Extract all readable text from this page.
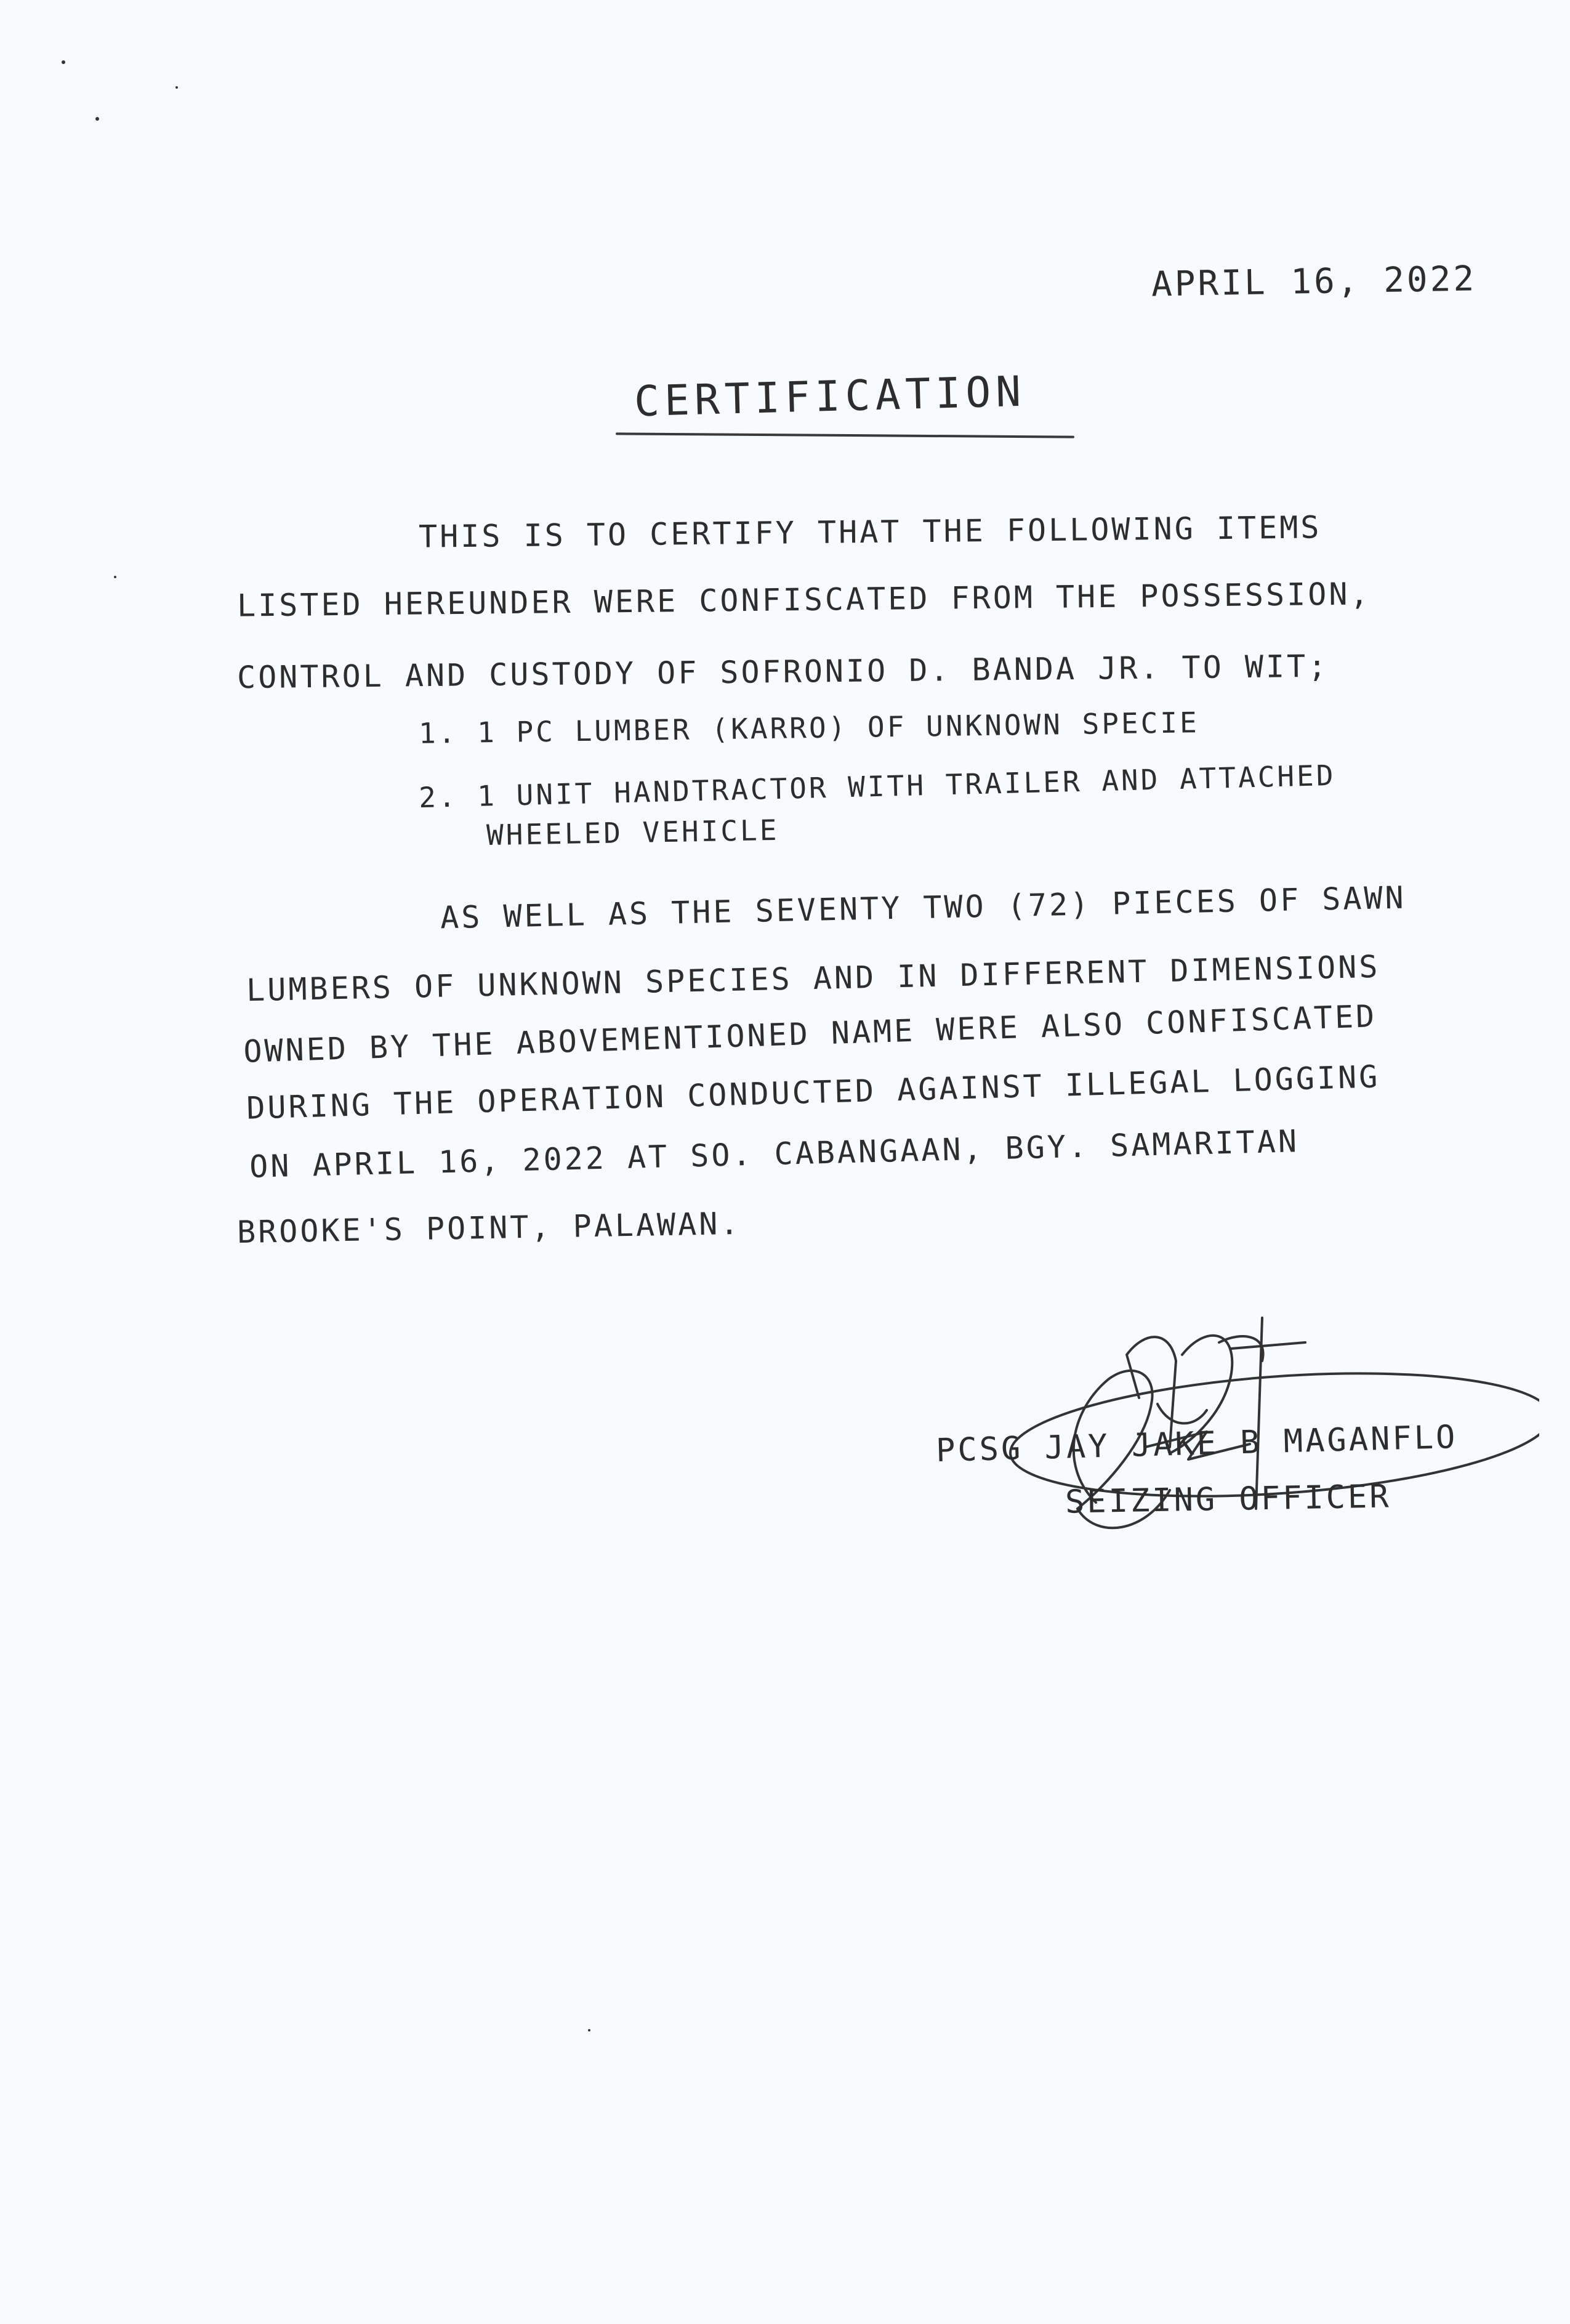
APRIL 16, 2022
CERTIFICATION
THIS IS TO CERTIFY THAT THE FOLLOWING ITEMS
LISTED HEREUNDER WERE CONFISCATED FROM THE POSSESSION,
CONTROL AND CUSTODY OF SOFRONIO D. BANDA JR. TO WIT;
1. 1 PC LUMBER (KARRO) OF UNKNOWN SPECIE
2. 1 UNIT HANDTRACTOR WITH TRAILER AND ATTACHED
WHEELED VEHICLE
AS WELL AS THE SEVENTY TWO (72) PIECES OF SAWN
LUMBERS OF UNKNOWN SPECIES AND IN DIFFERENT DIMENSIONS
OWNED BY THE ABOVEMENTIONED NAME WERE ALSO CONFISCATED
DURING THE OPERATION CONDUCTED AGAINST ILLEGAL LOGGING
ON APRIL 16, 2022 AT SO. CABANGAAN, BGY. SAMARITAN
BROOKE'S POINT, PALAWAN.
PCSG JAY JAKE B MAGANFLO
SEIZING OFFICER
